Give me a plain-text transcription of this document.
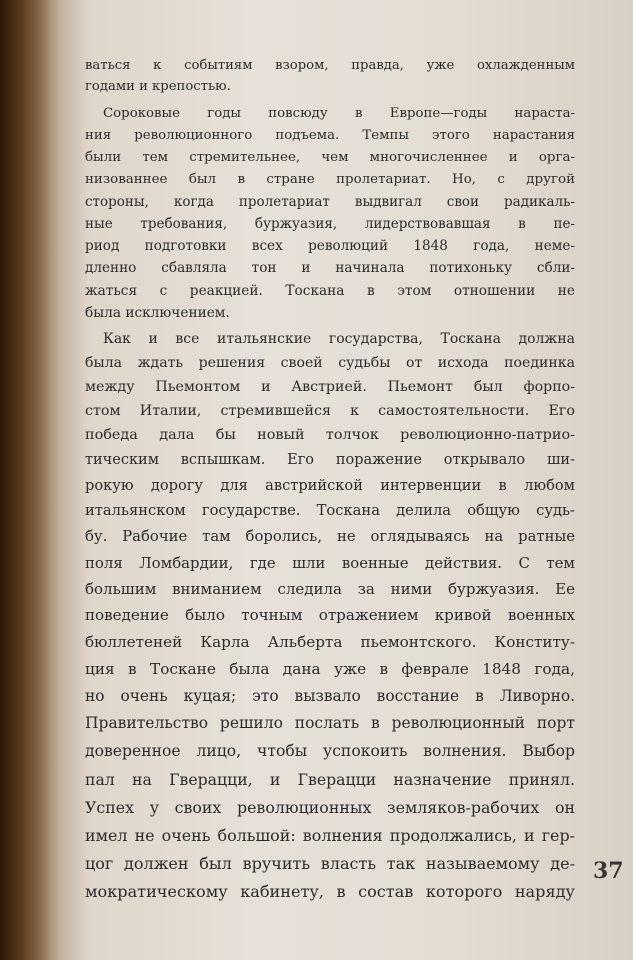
ваться к событиям взором, правда, уже охлажденным
годами и крепостью.
Сороковые годы повсюду в Европе—годы нараста-
ния революционного подъема. Темпы этого нарастания
были тем стремительнее, чем многочисленнее и орга-
низованнее был в стране пролетариат. Но, с другой
стороны, когда пролетариат выдвигал свои радикаль-
ные требования, буржуазия, лидерствовавшая в пе-
риод подготовки всех революций 1848 года, неме-
дленно сбавляла тон и начинала потихоньку сбли-
жаться с реакцией. Тоскана в этом отношении не
была исключением.
Как и все итальянские государства, Тоскана должна
была ждать решения своей судьбы от исхода поединка
между Пьемонтом и Австрией. Пьемонт был форпо-
стом Италии, стремившейся к самостоятельности. Его
победа дала бы новый толчок революционно-патрио-
тическим вспышкам. Его поражение открывало ши-
рокую дорогу для австрийской интервенции в любом
итальянском государстве. Тоскана делила общую судь-
бу. Рабочие там боролись, не оглядываясь на ратные
поля Ломбардии, где шли военные действия. С тем
большим вниманием следила за ними буржуазия. Ее
поведение было точным отражением кривой военных
бюллетеней Карла Альберта пьемонтского. Конститу-
ция в Тоскане была дана уже в феврале 1848 года,
но очень куцая; это вызвало восстание в Ливорно.
Правительство решило послать в революционный порт
доверенное лицо, чтобы успокоить волнения. Выбор
пал на Гверацци, и Гверацци назначение принял.
Успех у своих революционных земляков-рабочих он
имел не очень большой: волнения продолжались, и гер-
цог должен был вручить власть так называемому де-
мократическому кабинету, в состав которого наряду
37
